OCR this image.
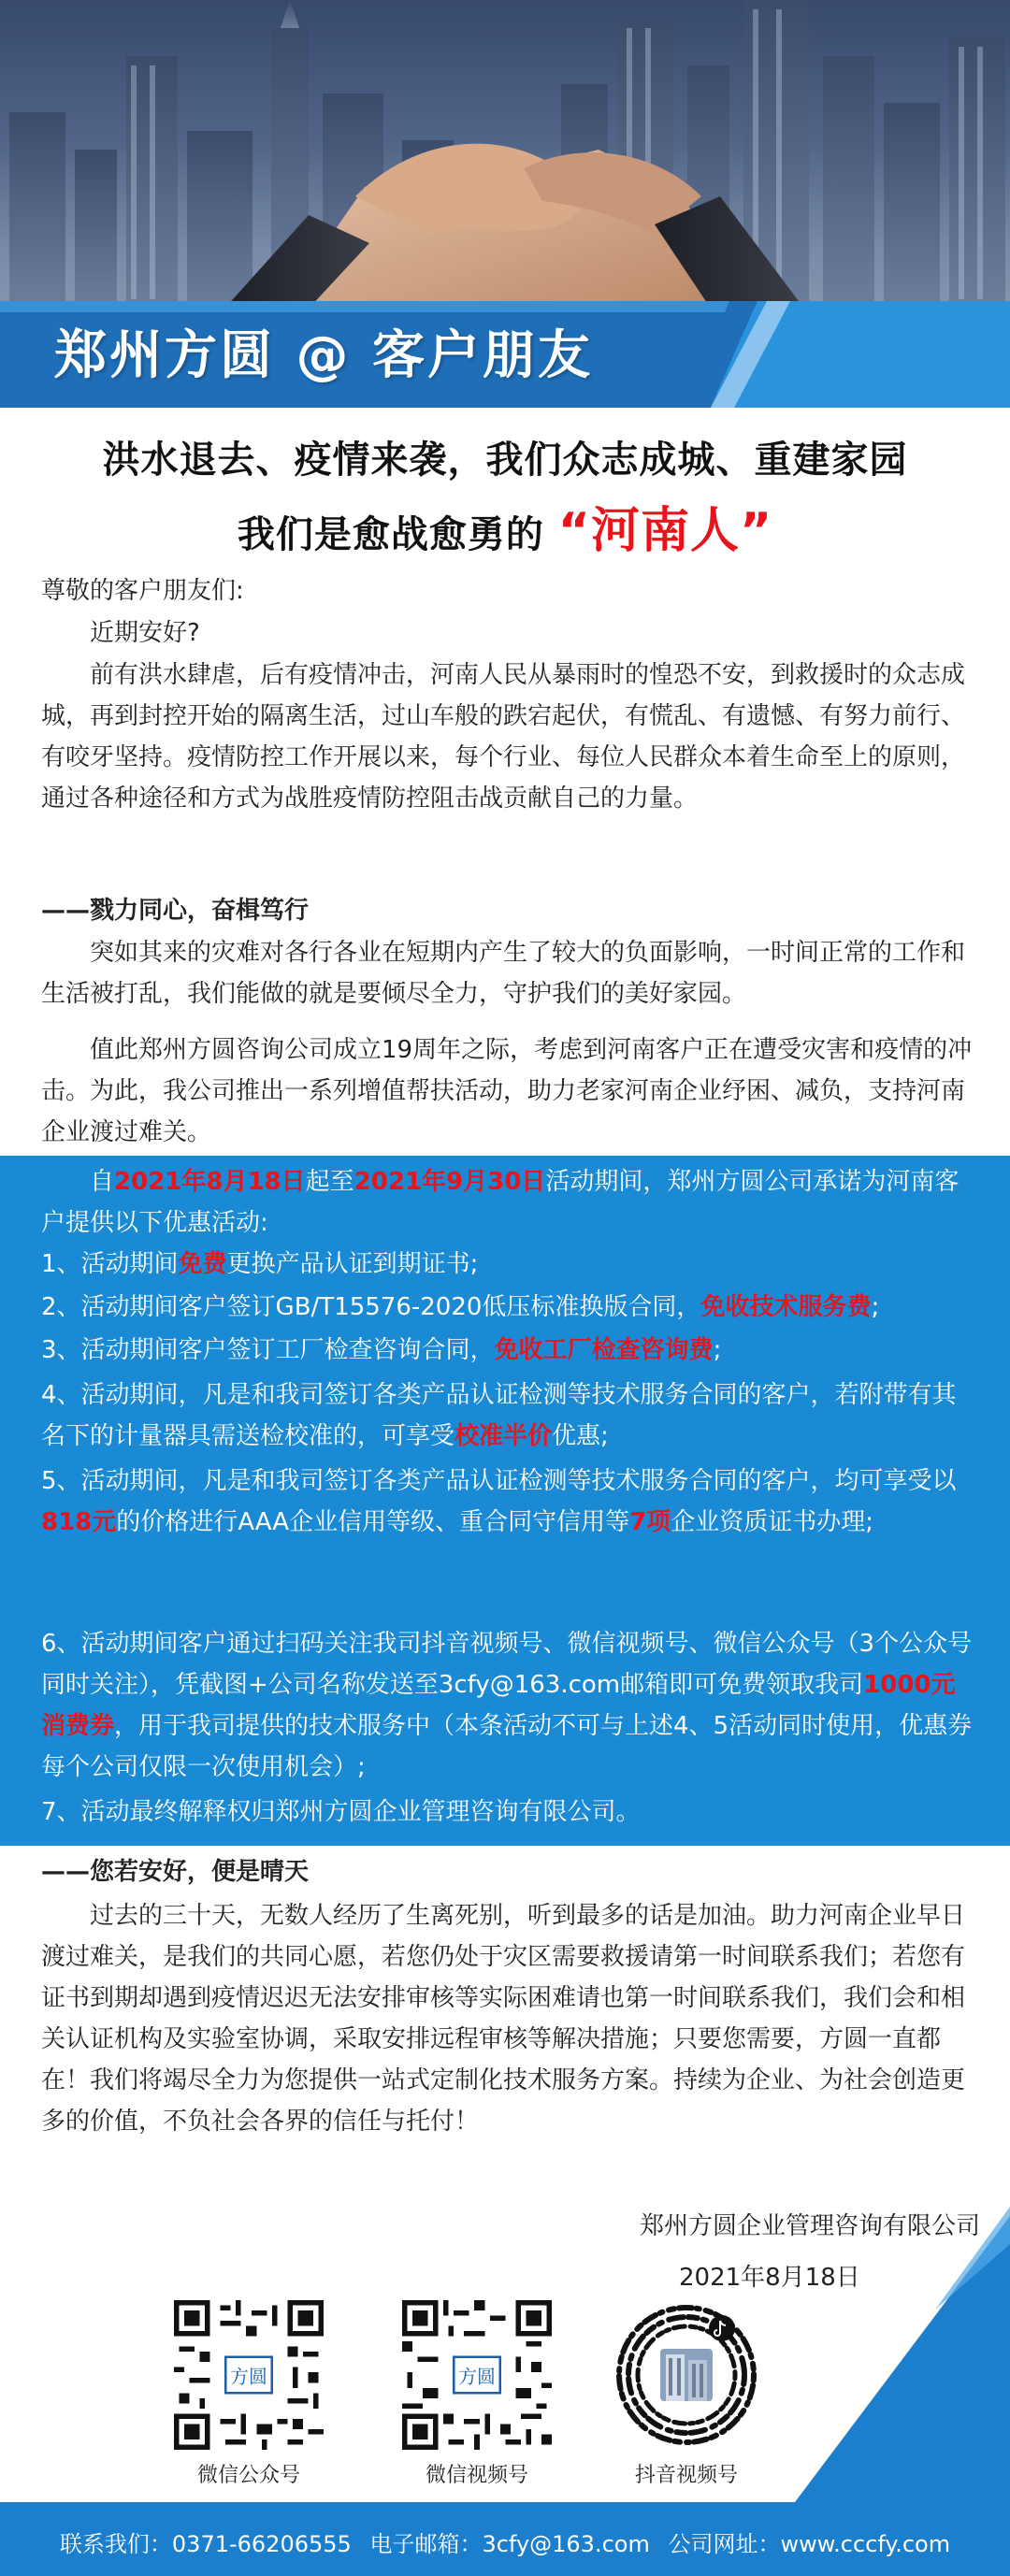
郑州方圆 @ 客户朋友
洪水退去、疫情来袭，我们众志成城、重建家园
我们是愈战愈勇的 “河南人”
尊敬的客户朋友们:
近期安好?
前有洪水肆虐，后有疫情冲击，河南人民从暴雨时的惶恐不安，到救援时的众志成城，再到封控开始的隔离生活，过山车般的跌宕起伏，有慌乱、有遗憾、有努力前行、有咬牙坚持。疫情防控工作开展以来，每个行业、每位人民群众本着生命至上的原则，通过各种途径和方式为战胜疫情防控阻击战贡献自己的力量。
——戮力同心，奋楫笃行
突如其来的灾难对各行各业在短期内产生了较大的负面影响，一时间正常的工作和生活被打乱，我们能做的就是要倾尽全力，守护我们的美好家园。
值此郑州方圆咨询公司成立19周年之际，考虑到河南客户正在遭受灾害和疫情的冲击。为此，我公司推出一系列增值帮扶活动，助力老家河南企业纾困、减负，支持河南企业渡过难关。
自2021年8月18日起至2021年9月30日活动期间，郑州方圆公司承诺为河南客户提供以下优惠活动:
1、活动期间免费更换产品认证到期证书;
2、活动期间客户签订GB/T15576-2020低压标准换版合同，免收技术服务费;
3、活动期间客户签订工厂检查咨询合同，免收工厂检查咨询费;
4、活动期间，凡是和我司签订各类产品认证检测等技术服务合同的客户，若附带有其名下的计量器具需送检校准的，可享受校准半价优惠;
5、活动期间，凡是和我司签订各类产品认证检测等技术服务合同的客户，均可享受以818元的价格进行AAA企业信用等级、重合同守信用等7项企业资质证书办理;
6、活动期间客户通过扫码关注我司抖音视频号、微信视频号、微信公众号（3个公众号同时关注），凭截图+公司名称发送至3cfy@163.com邮箱即可免费领取我司1000元消费券，用于我司提供的技术服务中（本条活动不可与上述4、5活动同时使用，优惠券每个公司仅限一次使用机会）;
7、活动最终解释权归郑州方圆企业管理咨询有限公司。
——您若安好，便是晴天
过去的三十天，无数人经历了生离死别，听到最多的话是加油。助力河南企业早日渡过难关，是我们的共同心愿，若您仍处于灾区需要救援请第一时间联系我们；若您有证书到期却遇到疫情迟迟无法安排审核等实际困难请也第一时间联系我们，我们会和相关认证机构及实验室协调，采取安排远程审核等解决措施；只要您需要，方圆一直都在！我们将竭尽全力为您提供一站式定制化技术服务方案。持续为企业、为社会创造更多的价值，不负社会各界的信任与托付！
郑州方圆企业管理咨询有限公司
2021年8月18日
方圆
微信公众号
方圆
微信视频号	抖音视频号
联系我们：0371-66206555 电子邮箱：3cfy@163.com 公司网址：www.cccfy.com
